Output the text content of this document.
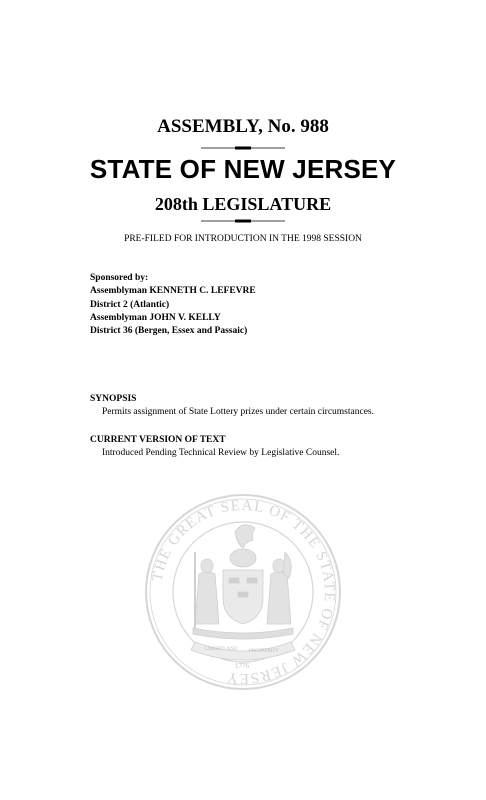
ASSEMBLY, No. 988
STATE OF NEW JERSEY
208th LEGISLATURE
PRE-FILED FOR INTRODUCTION IN THE 1998 SESSION
Sponsored by:
Assemblyman KENNETH C. LEFEVRE
District 2 (Atlantic)
Assemblyman JOHN V. KELLY
District 36 (Bergen, Essex and Passaic)
SYNOPSIS
Permits assignment of State Lottery prizes under certain circumstances.
CURRENT VERSION OF TEXT
Introduced Pending Technical Review by Legislative Counsel.
THE GREAT SEAL OF THE STATE OF NEW JERSEY
LIBERTY AND PROSPERITY
1776
